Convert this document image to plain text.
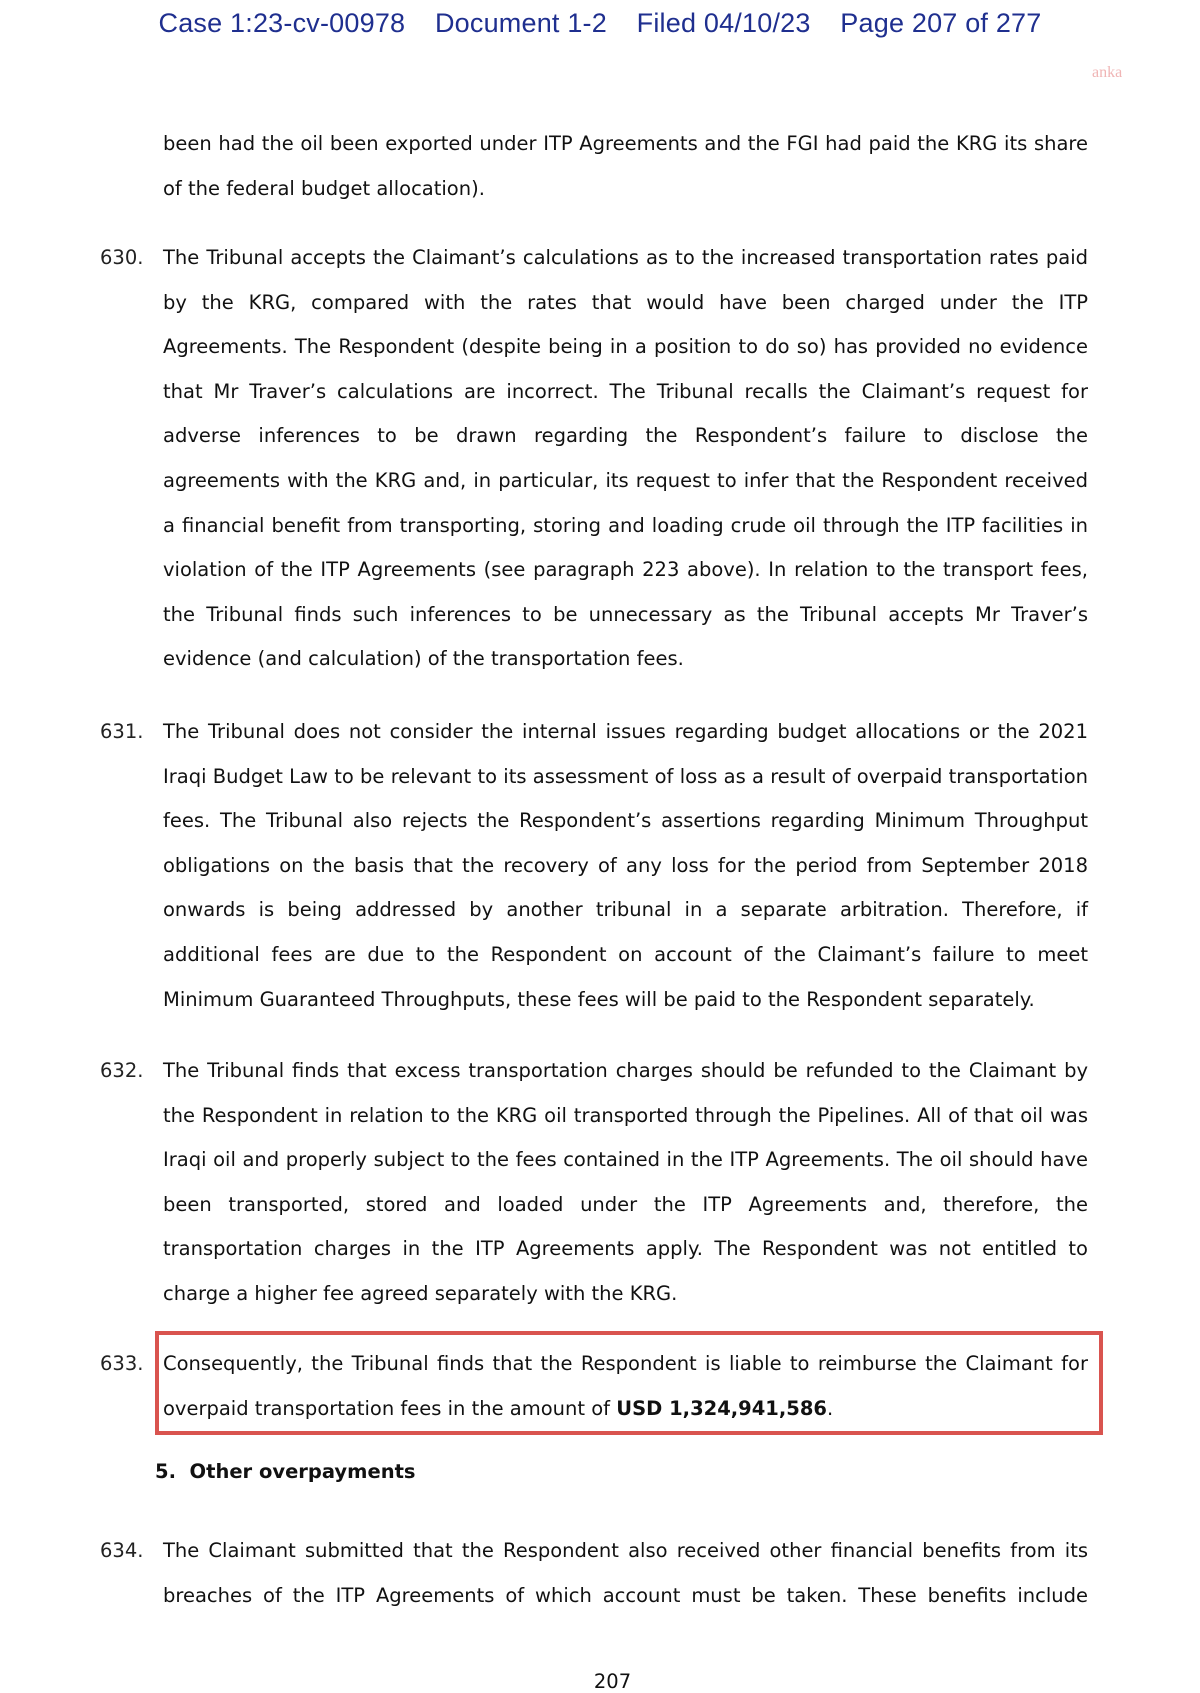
Case 1:23-cv-00978 Document 1-2 Filed 04/10/23 Page 207 of 277
anka
been had the oil been exported under ITP Agreements and the FGI had paid the KRG its share of the federal budget allocation).
630. The Tribunal accepts the Claimant’s calculations as to the increased transportation rates paid by the KRG, compared with the rates that would have been charged under the ITP Agreements. The Respondent (despite being in a position to do so) has provided no evidence that Mr Traver’s calculations are incorrect. The Tribunal recalls the Claimant’s request for adverse inferences to be drawn regarding the Respondent’s failure to disclose the agreements with the KRG and, in particular, its request to infer that the Respondent received a financial benefit from transporting, storing and loading crude oil through the ITP facilities in violation of the ITP Agreements (see paragraph 223 above). In relation to the transport fees, the Tribunal finds such inferences to be unnecessary as the Tribunal accepts Mr Traver’s evidence (and calculation) of the transportation fees.
631. The Tribunal does not consider the internal issues regarding budget allocations or the 2021 Iraqi Budget Law to be relevant to its assessment of loss as a result of overpaid transportation fees. The Tribunal also rejects the Respondent’s assertions regarding Minimum Throughput obligations on the basis that the recovery of any loss for the period from September 2018 onwards is being addressed by another tribunal in a separate arbitration. Therefore, if additional fees are due to the Respondent on account of the Claimant’s failure to meet Minimum Guaranteed Throughputs, these fees will be paid to the Respondent separately.
632. The Tribunal finds that excess transportation charges should be refunded to the Claimant by the Respondent in relation to the KRG oil transported through the Pipelines. All of that oil was Iraqi oil and properly subject to the fees contained in the ITP Agreements. The oil should have been transported, stored and loaded under the ITP Agreements and, therefore, the transportation charges in the ITP Agreements apply. The Respondent was not entitled to charge a higher fee agreed separately with the KRG.
633. Consequently, the Tribunal finds that the Respondent is liable to reimburse the Claimant for overpaid transportation fees in the amount of USD 1,324,941,586.
5.  Other overpayments
634. The Claimant submitted that the Respondent also received other financial benefits from its breaches of the ITP Agreements of which account must be taken. These benefits include
207
